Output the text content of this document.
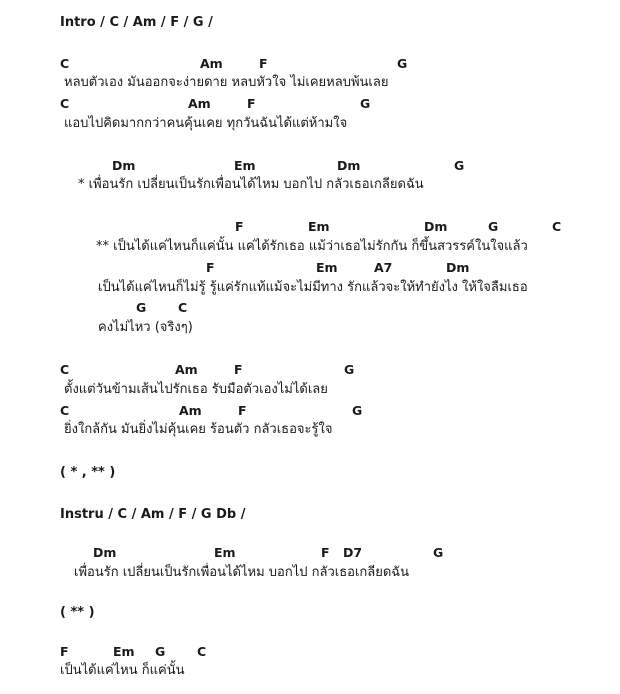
Intro / C / Am / F / G /
C	Am	F	G
หลบตัวเอง มันออกจะง่ายดาย หลบหัวใจ ไม่เคยหลบพ้นเลย
C	Am	F	G
แอบไปคิดมากกว่าคนคุ้นเคย ทุกวันฉันได้แต่ห้ามใจ
Dm	Em	Dm	G
* เพื่อนรัก เปลี่ยนเป็นรักเพื่อนได้ไหม บอกไป กลัวเธอเกลียดฉัน
F	Em	Dm	G	C
** เป็นได้แค่ไหนก็แค่นั้น แค่ได้รักเธอ แม้ว่าเธอไม่รักกัน ก็ขึ้นสวรรค์ในใจแล้ว
F	Em	A7	Dm
เป็นได้แค่ไหนก็ไม่รู้ รู้แค่รักแท้แม้จะไม่มีทาง รักแล้วจะให้ทำยังไง ให้ใจลืมเธอ
G	C
คงไม่ไหว (จริงๆ)
C	Am	F	G
ตั้งแต่วันข้ามเส้นไปรักเธอ รับมือตัวเองไม่ได้เลย
C	Am	F	G
ยิ่งใกล้กัน มันยิ่งไม่คุ้นเคย ร้อนตัว กลัวเธอจะรู้ใจ
( * , ** )
Instru / C / Am / F / G Db /
Dm	Em	F D7	G
เพื่อนรัก เปลี่ยนเป็นรักเพื่อนได้ไหม บอกไป กลัวเธอเกลียดฉัน
( ** )
F	Em G	C
เป็นได้แค่ไหน ก็แค่นั้น
